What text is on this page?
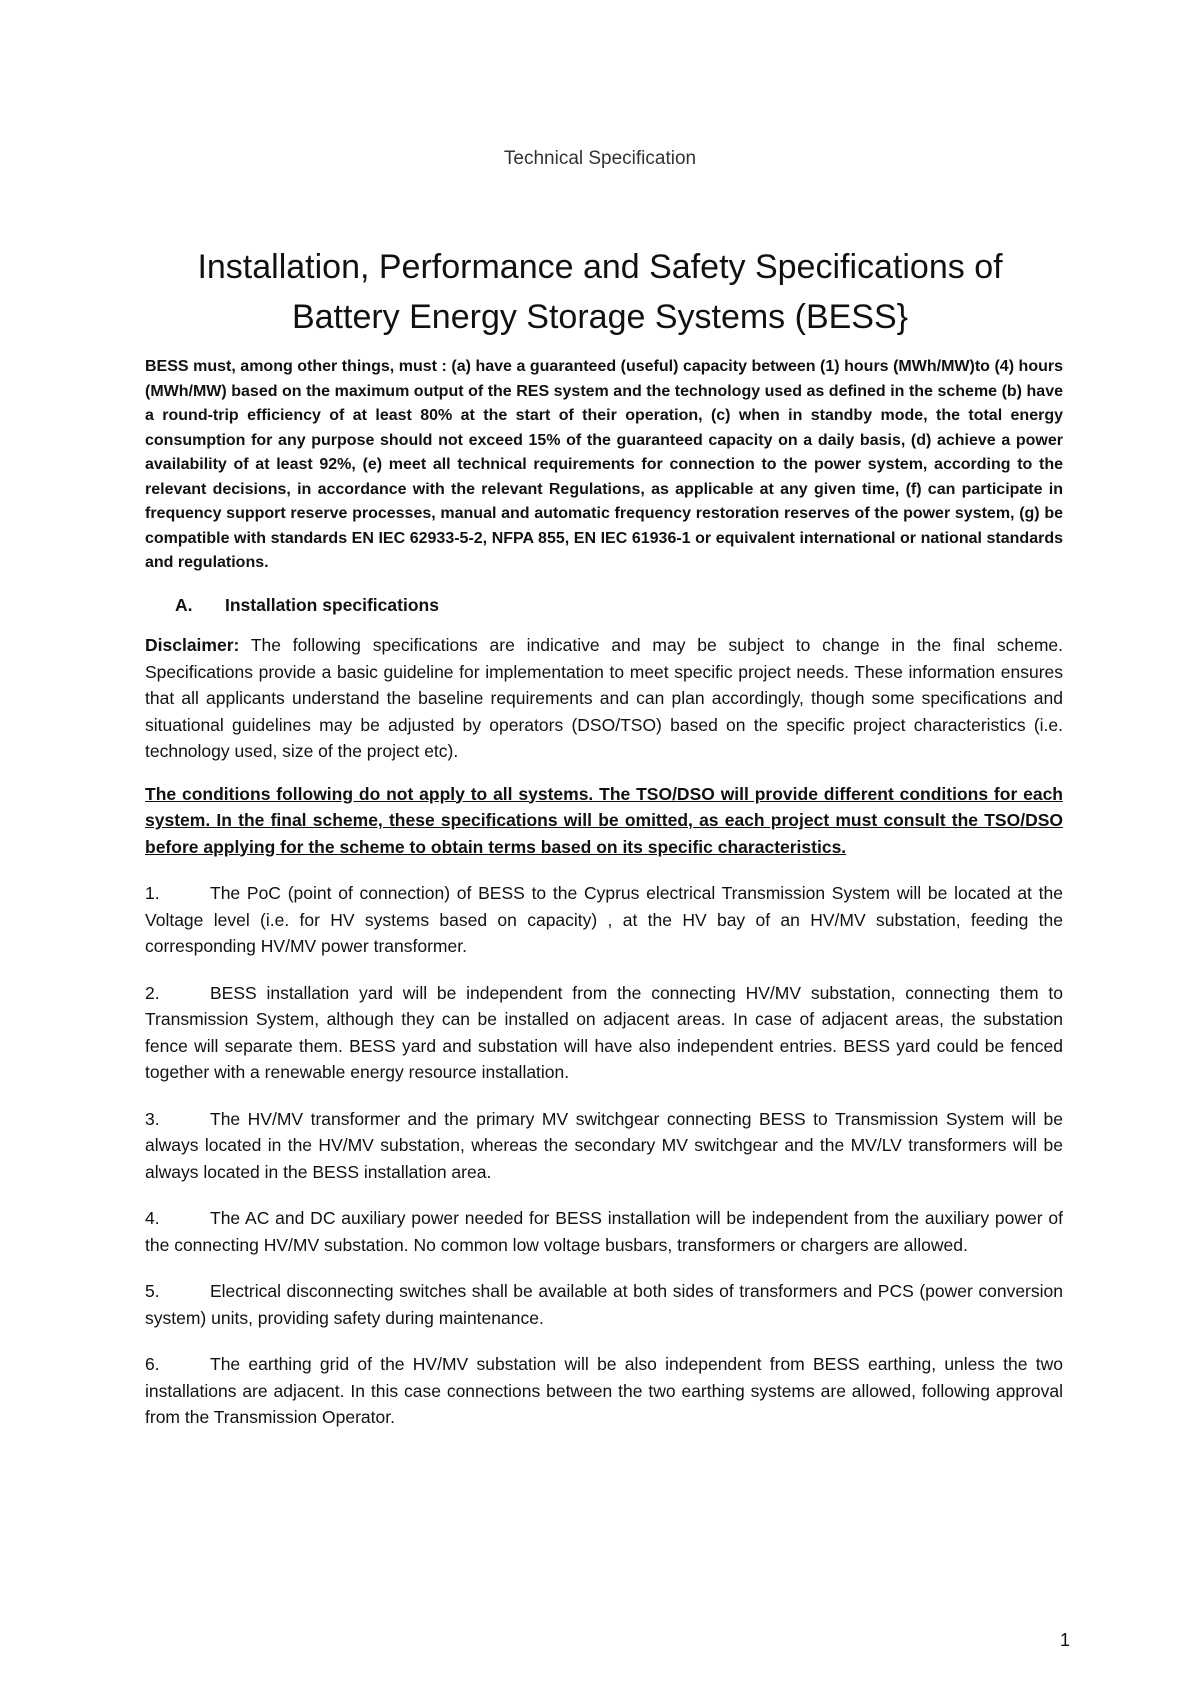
Technical Specification
Installation, Performance and Safety Specifications of
Battery Energy Storage Systems (BESS}

BESS must, among other things, must : (a) have a guaranteed (useful) capacity between (1) hours (MWh/MW)to (4) hours (MWh/MW) based on the maximum output of the RES system and the technology used as defined in the scheme (b) have a round-trip efficiency of at least 80% at the start of their operation, (c) when in standby mode, the total energy consumption for any purpose should not exceed 15% of the guaranteed capacity on a daily basis, (d) achieve a power availability of at least 92%, (e) meet all technical requirements for connection to the power system, according to the relevant decisions, in accordance with the relevant Regulations, as applicable at any given time, (f) can participate in frequency support reserve processes, manual and automatic frequency restoration reserves of the power system, (g) be compatible with standards EN IEC 62933-5-2, NFPA 855, EN IEC 61936-1 or equivalent international or national standards and regulations.

A. Installation specifications

Disclaimer: The following specifications are indicative and may be subject to change in the final scheme. Specifications provide a basic guideline for implementation to meet specific project needs. These information ensures that all applicants understand the baseline requirements and can plan accordingly, though some specifications and situational guidelines may be adjusted by operators (DSO/TSO) based on the specific project characteristics (i.e. technology used, size of the project etc).

The conditions following do not apply to all systems. The TSO/DSO will provide different conditions for each system. In the final scheme, these specifications will be omitted, as each project must consult the TSO/DSO before applying for the scheme to obtain terms based on its specific characteristics.

1.	The PoC (point of connection) of BESS to the Cyprus electrical Transmission System will be located at the Voltage level (i.e. for HV systems based on capacity) , at the HV bay of an HV/MV substation, feeding the corresponding HV/MV power transformer.

2.	BESS installation yard will be independent from the connecting HV/MV substation, connecting them to Transmission System, although they can be installed on adjacent areas. In case of adjacent areas, the substation fence will separate them. BESS yard and substation will have also independent entries. BESS yard could be fenced together with a renewable energy resource installation.

3.	The HV/MV transformer and the primary MV switchgear connecting BESS to Transmission System will be always located in the HV/MV substation, whereas the secondary MV switchgear and the MV/LV transformers will be always located in the BESS installation area.

4.	The AC and DC auxiliary power needed for BESS installation will be independent from the auxiliary power of the connecting HV/MV substation. No common low voltage busbars, transformers or chargers are allowed.

5.	Electrical disconnecting switches shall be available at both sides of transformers and PCS (power conversion system) units, providing safety during maintenance.

6.	The earthing grid of the HV/MV substation will be also independent from BESS earthing, unless the two installations are adjacent. In this case connections between the two earthing systems are allowed, following approval from the Transmission Operator.

1
